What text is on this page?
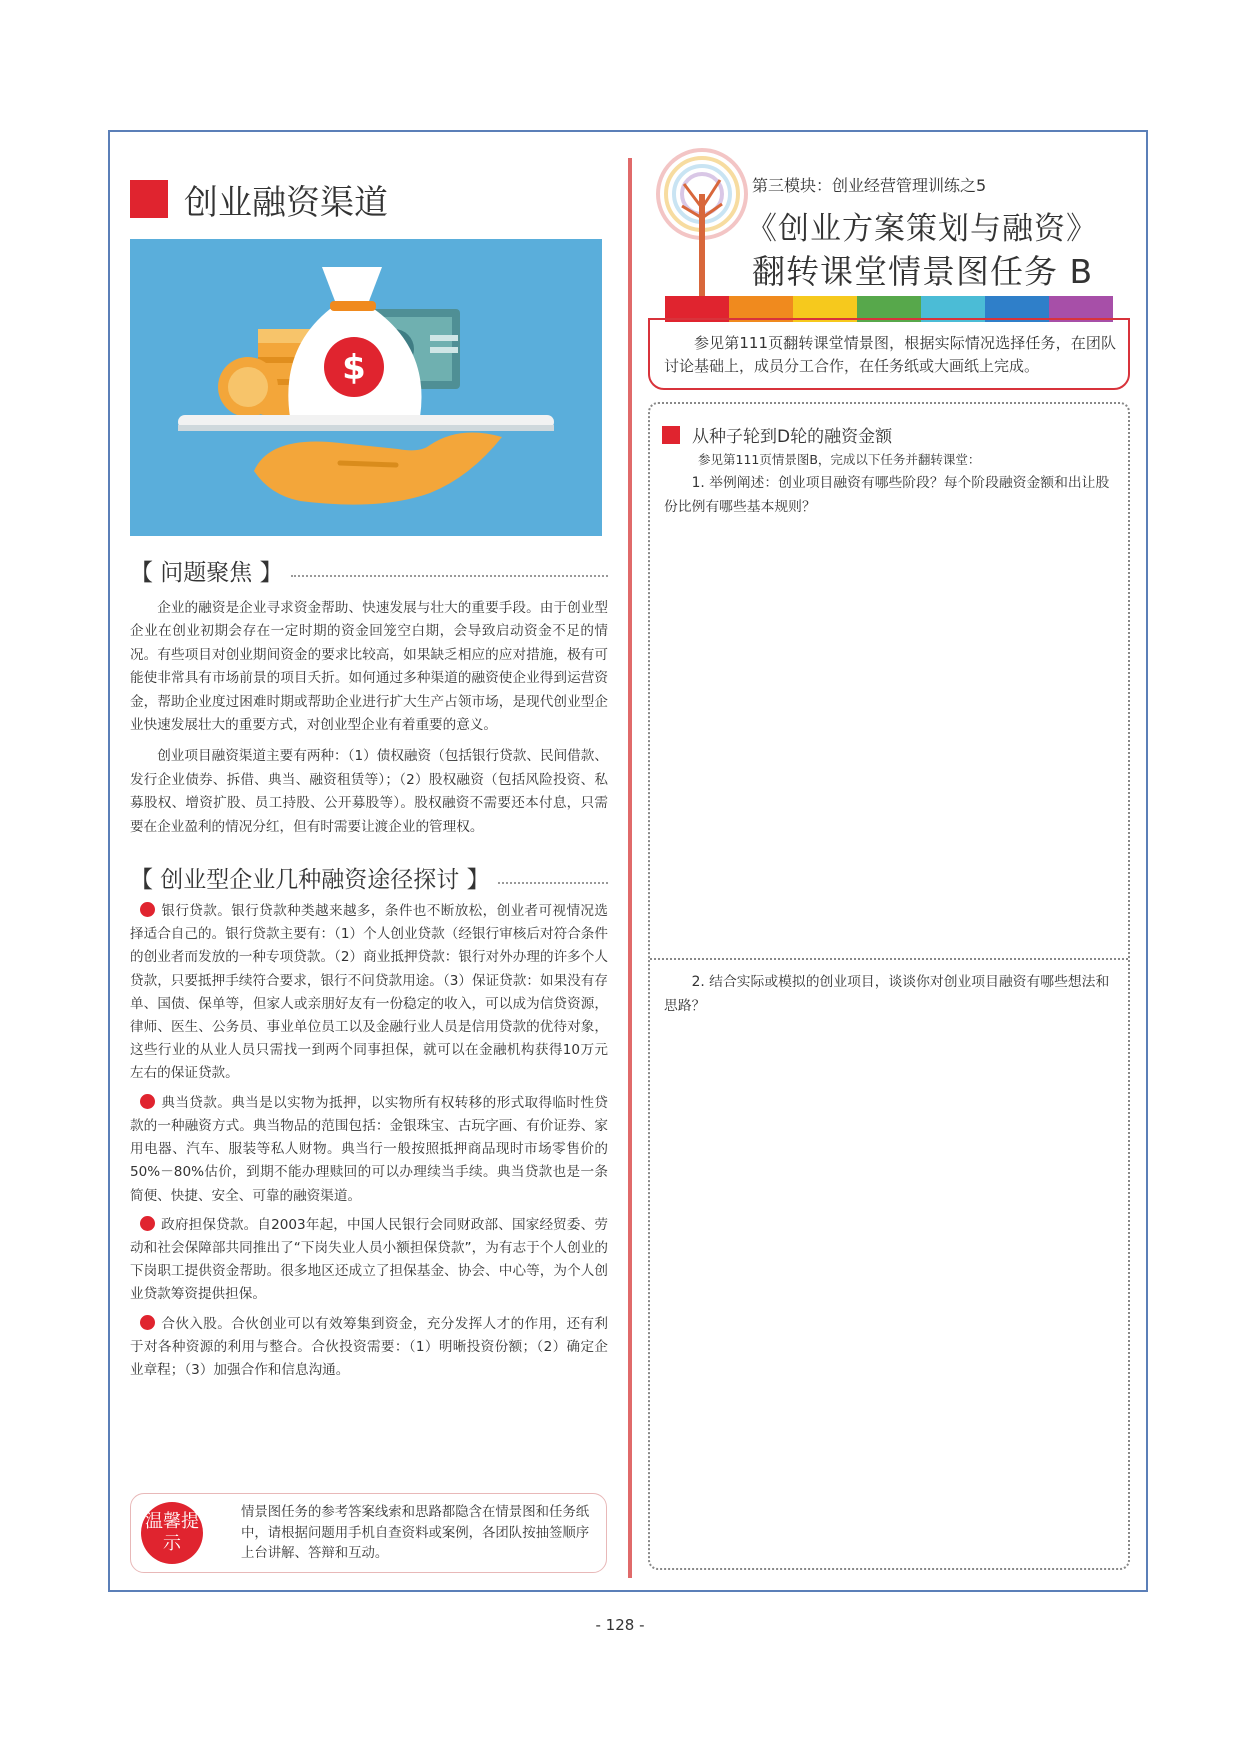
创业融资渠道
$
【 问题聚焦 】

企业的融资是企业寻求资金帮助、快速发展与壮大的重要手段。由于创业型企业在创业初期会存在一定时期的资金回笼空白期，会导致启动资金不足的情况。有些项目对创业期间资金的要求比较高，如果缺乏相应的应对措施，极有可能使非常具有市场前景的项目夭折。如何通过多种渠道的融资使企业得到运营资金，帮助企业度过困难时期或帮助企业进行扩大生产占领市场，是现代创业型企业快速发展壮大的重要方式，对创业型企业有着重要的意义。

创业项目融资渠道主要有两种：（1）债权融资（包括银行贷款、民间借款、发行企业债券、拆借、典当、融资租赁等）；（2）股权融资（包括风险投资、私募股权、增资扩股、员工持股、公开募股等）。股权融资不需要还本付息，只需要在企业盈利的情况分红，但有时需要让渡企业的管理权。

【 创业型企业几种融资途径探讨 】

银行贷款。银行贷款种类越来越多，条件也不断放松，创业者可视情况选择适合自己的。银行贷款主要有：（1）个人创业贷款（经银行审核后对符合条件的创业者而发放的一种专项贷款。（2）商业抵押贷款：银行对外办理的许多个人贷款，只要抵押手续符合要求，银行不问贷款用途。（3）保证贷款：如果没有存单、国债、保单等，但家人或亲朋好友有一份稳定的收入，可以成为信贷资源，律师、医生、公务员、事业单位员工以及金融行业人员是信用贷款的优待对象，这些行业的从业人员只需找一到两个同事担保，就可以在金融机构获得10万元左右的保证贷款。

典当贷款。典当是以实物为抵押，以实物所有权转移的形式取得临时性贷款的一种融资方式。典当物品的范围包括：金银珠宝、古玩字画、有价证券、家用电器、汽车、服装等私人财物。典当行一般按照抵押商品现时市场零售价的50%－80%估价，到期不能办理赎回的可以办理续当手续。典当贷款也是一条简便、快捷、安全、可靠的融资渠道。

政府担保贷款。自2003年起，中国人民银行会同财政部、国家经贸委、劳动和社会保障部共同推出了“下岗失业人员小额担保贷款”，为有志于个人创业的下岗职工提供资金帮助。很多地区还成立了担保基金、协会、中心等，为个人创业贷款筹资提供担保。

合伙入股。合伙创业可以有效筹集到资金，充分发挥人才的作用，还有利于对各种资源的利用与整合。合伙投资需要：（1）明晰投资份额；（2）确定企业章程；（3）加强合作和信息沟通。

温馨提示
情景图任务的参考答案线索和思路都隐含在情景图和任务纸中，请根据问题用手机自查资料或案例，各团队按抽签顺序上台讲解、答辩和互动。
第三模块：创业经营管理训练之5
《创业方案策划与融资》
翻转课堂情景图任务 B
参见第111页翻转课堂情景图，根据实际情况选择任务，在团队讨论基础上，成员分工合作，在任务纸或大画纸上完成。
从种子轮到D轮的融资金额
参见第111页情景图B，完成以下任务并翻转课堂：
1. 举例阐述：创业项目融资有哪些阶段？每个阶段融资金额和出让股份比例有哪些基本规则？
2. 结合实际或模拟的创业项目，谈谈你对创业项目融资有哪些想法和思路？
- 128 -
